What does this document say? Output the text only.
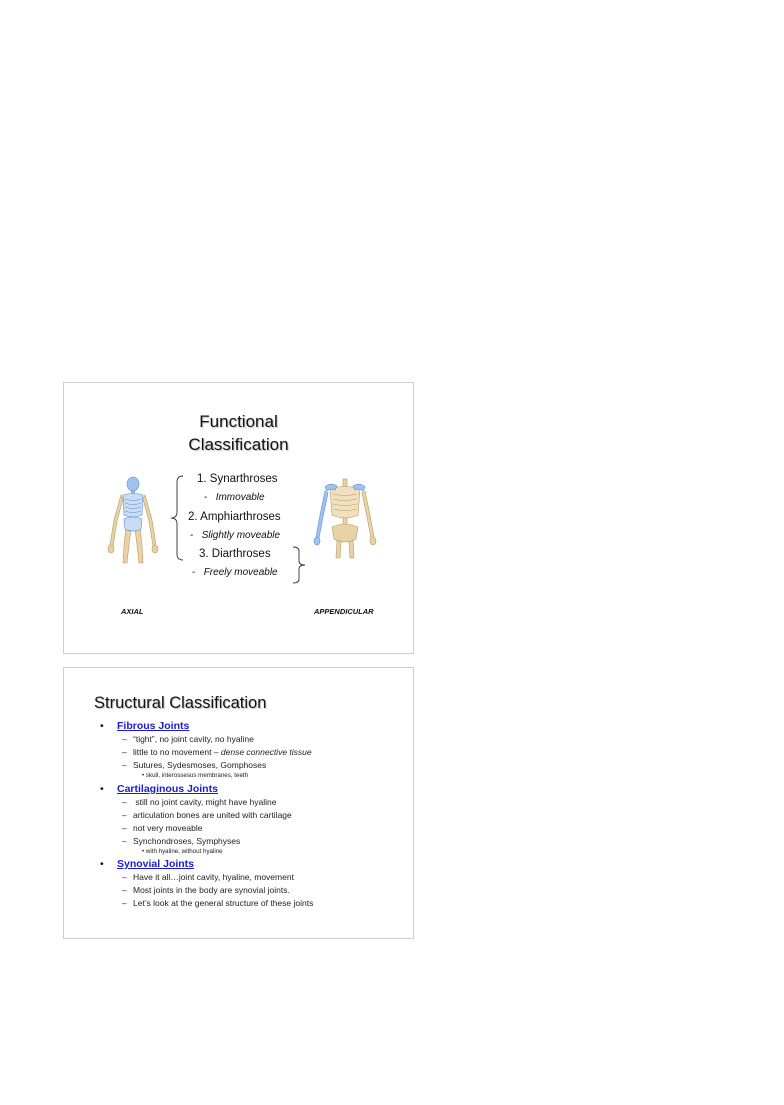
Functional
Classification
1. Synarthroses
- Immovable
2. Amphiarthroses
- Slightly moveable
3. Diarthroses
- Freely moveable
AXIAL	APPENDICULAR
Structural Classification
• Fibrous Joints
– “tight”, no joint cavity, no hyaline
– little to no movement – dense connective tissue
– Sutures, Sydesmoses, Gomphoses
• skull, interossesus membranes, teeth
• Cartilaginous Joints
– still no joint cavity, might have hyaline
– articulation bones are united with cartilage
– not very moveable
– Synchondroses, Symphyses
• with hyaline, without hyaline
• Synovial Joints
– Have it all…joint cavity, hyaline, movement
– Most joints in the body are synovial joints.
– Let’s look at the general structure of these joints
